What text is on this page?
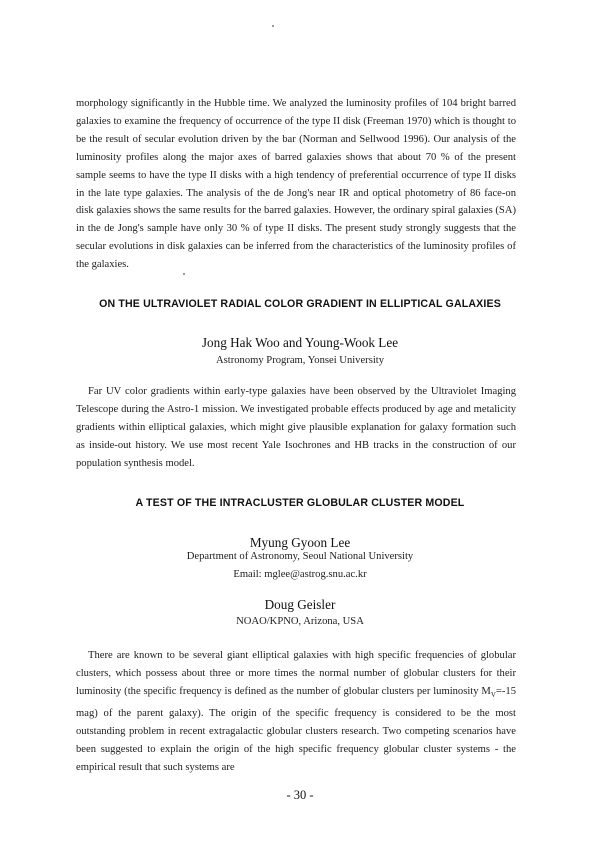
morphology significantly in the Hubble time. We analyzed the luminosity profiles of 104 bright barred galaxies to examine the frequency of occurrence of the type II disk (Freeman 1970) which is thought to be the result of secular evolution driven by the bar (Norman and Sellwood 1996). Our analysis of the luminosity profiles along the major axes of barred galaxies shows that about 70 % of the present sample seems to have the type II disks with a high tendency of preferential occurrence of type II disks in the late type galaxies. The analysis of the de Jong's near IR and optical photometry of 86 face-on disk galaxies shows the same results for the barred galaxies. However, the ordinary spiral galaxies (SA) in the de Jong's sample have only 30 % of type II disks. The present study strongly suggests that the secular evolutions in disk galaxies can be inferred from the characteristics of the luminosity profiles of the galaxies.

ON THE ULTRAVIOLET RADIAL COLOR GRADIENT IN ELLIPTICAL GALAXIES
Jong Hak Woo and Young-Wook Lee
Astronomy Program, Yonsei University

Far UV color gradients within early-type galaxies have been observed by the Ultraviolet Imaging Telescope during the Astro-1 mission. We investigated probable effects produced by age and metalicity gradients within elliptical galaxies, which might give plausible explanation for galaxy formation such as inside-out history. We use most recent Yale Isochrones and HB tracks in the construction of our population synthesis model.

A TEST OF THE INTRACLUSTER GLOBULAR CLUSTER MODEL
Myung Gyoon Lee
Department of Astronomy, Seoul National University
Email: mglee@astrog.snu.ac.kr
Doug Geisler
NOAO/KPNO, Arizona, USA

There are known to be several giant elliptical galaxies with high specific frequencies of globular clusters, which possess about three or more times the normal number of globular clusters for their luminosity (the specific frequency is defined as the number of globular clusters per luminosity $M_V=-15$ mag) of the parent galaxy). The origin of the specific frequency is considered to be the most outstanding problem in recent extragalactic globular clusters research. Two competing scenarios have been suggested to explain the origin of the high specific frequency globular cluster systems - the empirical result that such systems are

- 30 -
